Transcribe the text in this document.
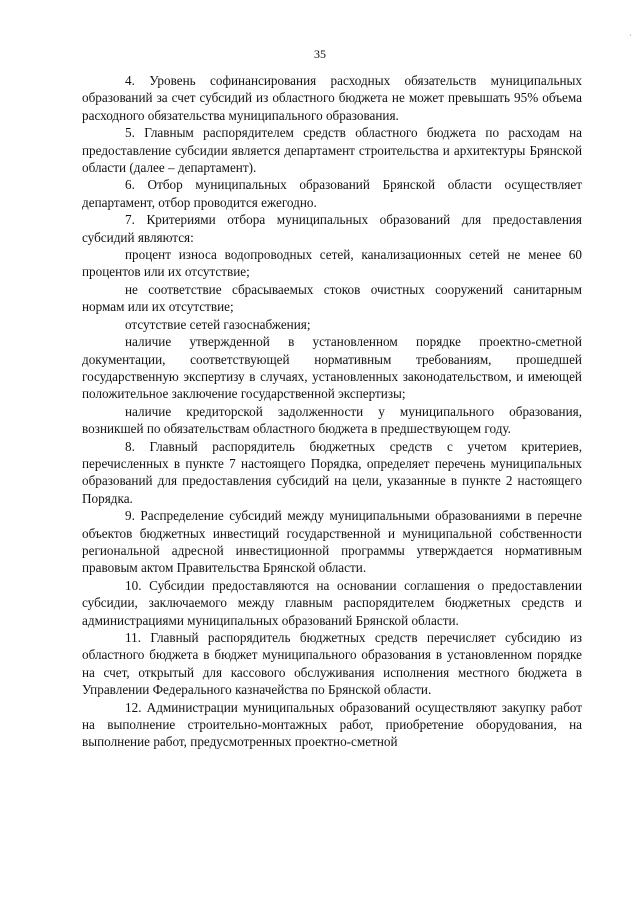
·
35

4. Уровень софинансирования расходных обязательств муниципальных образований за счет субсидий из областного бюджета не может превышать 95% объема расходного обязательства муниципального образования.

5. Главным распорядителем средств областного бюджета по расходам на предоставление субсидии является департамент строительства и архитектуры Брянской области (далее – департамент).

6. Отбор муниципальных образований Брянской области осуществляет департамент, отбор проводится ежегодно.

7. Критериями отбора муниципальных образований для предоставления субсидий являются:

процент износа водопроводных сетей, канализационных сетей не менее 60 процентов или их отсутствие;

не соответствие сбрасываемых стоков очистных сооружений санитарным нормам или их отсутствие;

отсутствие сетей газоснабжения;

наличие утвержденной в установленном порядке проектно-сметной документации, соответствующей нормативным требованиям, прошедшей государственную экспертизу в случаях, установленных законодательством, и имеющей положительное заключение государственной экспертизы;

наличие кредиторской задолженности у муниципального образования, возникшей по обязательствам областного бюджета в предшествующем году.

8. Главный распорядитель бюджетных средств с учетом критериев, перечисленных в пункте 7 настоящего Порядка, определяет перечень муниципальных образований для предоставления субсидий на цели, указанные в пункте 2 настоящего Порядка.

9. Распределение субсидий между муниципальными образованиями в перечне объектов бюджетных инвестиций государственной и муниципальной собственности региональной адресной инвестиционной программы утверждается нормативным правовым актом Правительства Брянской области.

10. Субсидии предоставляются на основании соглашения о предоставлении субсидии, заключаемого между главным распорядителем бюджетных средств и администрациями муниципальных образований Брянской области.

11. Главный распорядитель бюджетных средств перечисляет субсидию из областного бюджета в бюджет муниципального образования в установленном порядке на счет, открытый для кассового обслуживания исполнения местного бюджета в Управлении Федерального казначейства по Брянской области.

12. Администрации муниципальных образований осуществляют закупку работ на выполнение строительно-монтажных работ, приобретение оборудования, на выполнение работ, предусмотренных проектно-сметной
